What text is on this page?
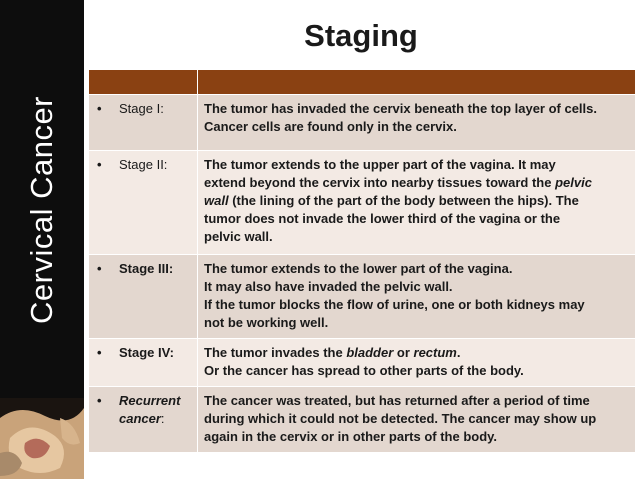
Cervical Cancer
Staging

• Stage I:	The tumor has invaded the cervix beneath the top layer of cells.
Cancer cells are found only in the cervix.

• Stage II:	The tumor extends to the upper part of the vagina. It may
extend beyond the cervix into nearby tissues toward the pelvic
wall (the lining of the part of the body between the hips). The
tumor does not invade the lower third of the vagina or the
pelvic wall.

• Stage III:	The tumor extends to the lower part of the vagina.
It may also have invaded the pelvic wall.
If the tumor blocks the flow of urine, one or both kidneys may
not be working well.

• Stage IV:	The tumor invades the bladder or rectum.
Or the cancer has spread to other parts of the body.

• Recurrent
cancer:	The cancer was treated, but has returned after a period of time
during which it could not be detected. The cancer may show up
again in the cervix or in other parts of the body.
